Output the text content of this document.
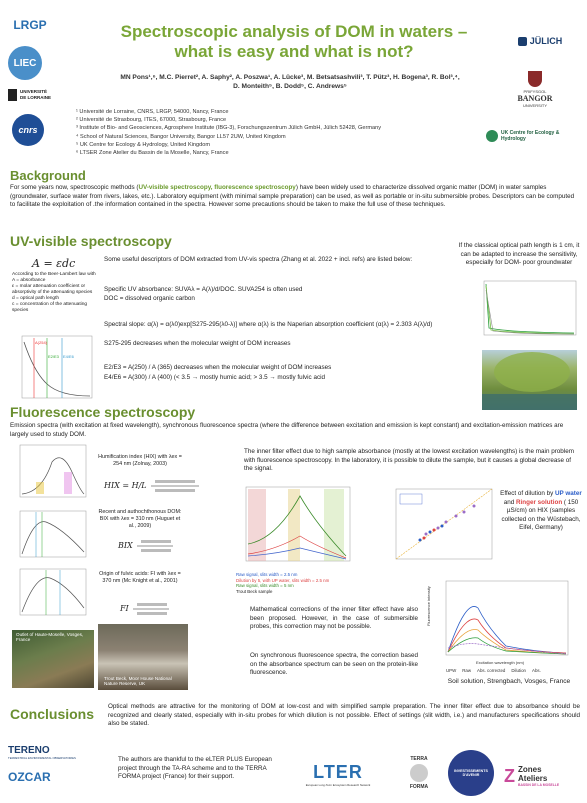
LRGP
LIEC
UNIVERSITÉ
DE LORRAINE
cnrs
JÜLICH
PRIFYSGOL
BANGOR
UNIVERSITY
UK Centre for Ecology & Hydrology
Spectroscopic analysis of DOM in waters –
what is easy and what is not?
MN Pons¹,⁶, M.C. Pierret², A. Saphy², A. Poszwa¹, A. Lücke³, M. Betsatsashvili³, T. Pütz³, H. Bogena³, R. Bol³,⁴,
D. Monteith⁵, B. Dodd⁵, C. Andrews⁵
¹ Université de Lorraine, CNRS, LRGP, 54000, Nancy, France
² Université de Strasbourg, ITES, 67000, Strasbourg, France
³ Institute of Bio- and Geosciences, Agrosphere Institute (IBG-3), Forschungszentrum Jülich GmbH, Jülich 52428, Germany
⁴ School of Natural Sciences, Bangor University, Bangor LL57 2UW, United Kingdom
⁵ UK Centre for Ecology & Hydrology, United Kingdom
⁶ LTSER Zone Atelier du Bassin de la Moselle, Nancy, France
Background
For some years now, spectroscopic methods (UV-visible spectroscopy, fluorescence spectroscopy) have been widely used to characterize dissolved organic matter (DOM) in water samples (groundwater, surface water from rivers, lakes, etc.). Laboratory equipment (with minimal sample preparation) can be used, as well as portable or in-situ submersible probes. Descriptors can be computed to facilitate the exploitation of .the information contained in the spectra. However some precautions should be taken to make the full use of these techniques.
UV-visible spectroscopy
A = εdc
According to the Beer-Lambert law with
A = absorbance
ε = molar attenuation coefficient or absorptivity of the attenuating species
d = optical path length
c = concentration of the attenuating species
A(254)
E2/E3 E4/E6
Some useful descriptors of DOM extracted from UV-vis spectra (Zhang et al. 2022 + incl. refs) are listed below:
Specific UV absorbance: SUVAλ = A(λ)/d/DOC. SUVA254 is often used
DOC = dissolved organic carbon
Spectral slope: α(λ) = α(λ0)exp[S275-295(λ0-λ)] where α(λ) is the Naperian absorption coefficient (α(λ) = 2.303 A(λ)/d)
S275-295 decreases when the molecular weight of DOM increases
E2/E3 = A(250) / A (365) decreases when the molecular weight of DOM increases
E4/E6 = A(300) / A (400) (< 3.5 → mostly humic acid; > 3.5 → mostly fulvic acid
If the classical optical path length is 1 cm, it can be adapted to increase the sensitivity, especially for DOM- poor groundwater
Fluorescence spectroscopy
Emission spectra (with excitation at fixed wavelength), synchronous fluorescence spectra (where the difference between excitation and emission is kept constant) and excitation-emission matrices are largely used to study DOM.
Humification index (HIX) with λex = 254 nm (Zolnay, 2003)
HIX = H/L
Recent and authochthonous DOM: BIX with λex = 310 nm (Huguet et al., 2009)
BIX
Origin of fulvic acids: FI with λex = 370 nm (Mc Knight et al., 2001)
FI
Outlet of Haute-Moselle, Vosges, France
Trout Beck, Moor House National Nature Reserve, UK
The inner filter effect due to high sample absorbance (mostly at the lowest excitation wavelengths) is the main problem with fluorescence spectroscopy. In the laboratory, it is possible to dilute the sample, but it causes a global decrease of the signal.
Raw signal, slits width = 2.5 nm
Dilution by 5, with UP water, slits width = 2.5 nm
Raw signal, slits width = 5 nm
Trout Beck sample
Effect of dilution by UP water and Ringer solution ( 150 µS/cm) on HIX (samples collected on the Wüstebach, Eifel, Germany)
Mathematical corrections of the inner filter effect have also been proposed. However, in the case of submersible probes, this correction may not be possible.
On synchronous fluorescence spectra, the correction based on the absorbance spectrum can be seen on the protein-like fluorescence.
Fluorescence intensity
Excitation wavelength (nm)
UPW Raw Abs. corrected Dilution Abs.
Soil solution, Strengbach, Vosges, France
Conclusions Optical methods are attractive for the monitoring of DOM at low-cost and with simplified sample preparation. The inner filter effect due to absorbance should be recognized and clearly stated, especially with in-situ probes for which dilution is not possible. Effect of settings (slit width, i.e.) and manufacturers specifications should also be stated.
TERENO
TERRESTRIAL ENVIRONMENTAL OBSERVATORIES
OZCAR
The authors are thankful to the eLTER PLUS European project through the TA-RA scheme and to the TERRA FORMA project (France) for their support.	LTER
European Long-Term Ecosystem Research Network
TERRA
FORMA
INVESTISSEMENTS D'AVENIR	Z Zones
Ateliers
BASSIN DE LA MOSELLE
